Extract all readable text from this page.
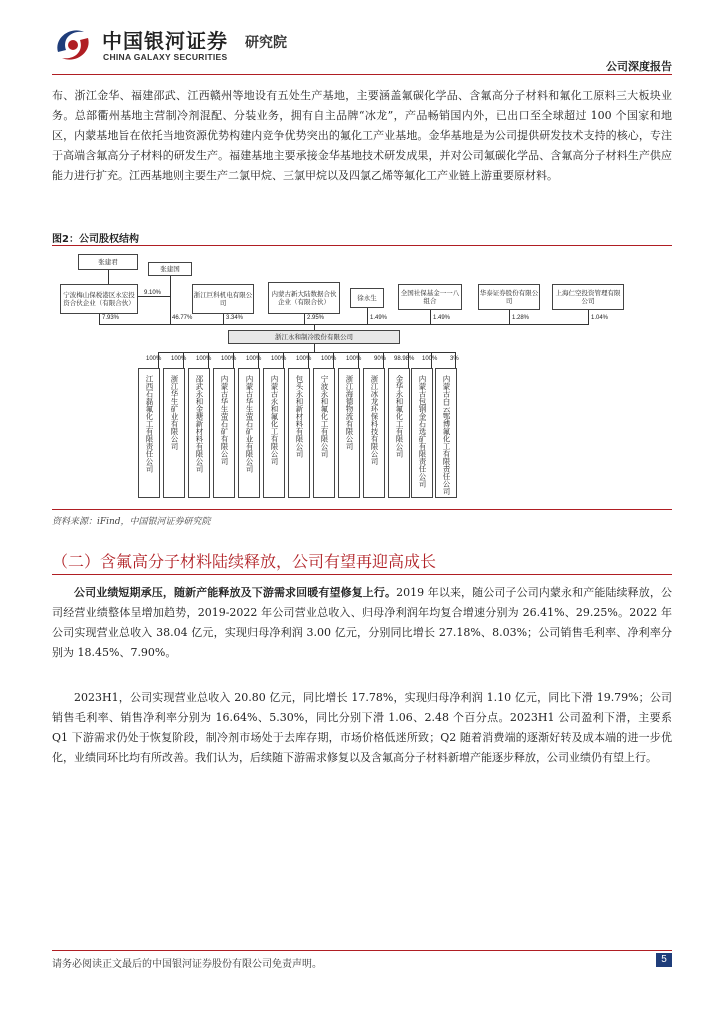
中国银河证券 研究院
CHINA GALAXY SECURITIES
公司深度报告

布、浙江金华、福建邵武、江西赣州等地设有五处生产基地，主要涵盖氟碳化学品、含氟高分子材料和氟化工原料三大板块业务。总部衢州基地主营制冷剂混配、分装业务，拥有自主品牌“冰龙”，产品畅销国内外，已出口至全球超过 100 个国家和地区，内蒙基地旨在依托当地资源优势构建内竞争优势突出的氟化工产业基地。金华基地是为公司提供研发技术支持的核心，专注于高端含氟高分子材料的研发生产。福建基地主要承接金华基地技术研发成果，并对公司氟碳化学品、含氟高分子材料生产供应能力进行扩充。江西基地则主要生产二氯甲烷、三氯甲烷以及四氯乙烯等氟化工产业链上游重要原材料。

图2：公司股权结构
张建君
张建国
9.10%
宁波梅山保税港区永宏投资合伙企业（有限合伙）
浙江巨科机电有限公司
内蒙古新大陆数据合伙企业（有限合伙）	徐永生
全国社保基金一一八组合
华泰证券股份有限公司
上海仁空投资管理有限公司
7.93%	46.77%	3.34%	2.95%	1.49%	1.49%	1.28%	1.04%
浙江永和制冷股份有限公司
100% 100% 100% 100% 100% 100% 100% 100% 100% 90% 98.98% 100% 3%
江西石磊氟化工有限责任公司	浙江华生矿业有限公司	邵武永和金塘新材料有限公司	内蒙古华生萤石矿有限公司	内蒙古华生萤石矿业有限公司	内蒙古永和氟化工有限公司	包头永和新材料有限公司	宁波永和氟化工有限公司	浙江海德物流有限公司	浙江冰龙环保科技有限公司	金华永和氟化工有限公司	内蒙古包钢金石选矿有限责任公司	内蒙古白云鄂博氟化工有限责任公司
资料来源：iFind，中国银河证券研究院
（二）含氟高分子材料陆续释放，公司有望再迎高成长
公司业绩短期承压，随新产能释放及下游需求回暖有望修复上行。2019 年以来，随公司子公司内蒙永和产能陆续释放，公司经营业绩整体呈增加趋势，2019-2022 年公司营业总收入、归母净利润年均复合增速分别为 26.41%、29.25%。2022 年公司实现营业总收入 38.04 亿元，实现归母净利润 3.00 亿元，分别同比增长 27.18%、8.03%；公司销售毛利率、净利率分别为 18.45%、7.90%。
2023H1，公司实现营业总收入 20.80 亿元，同比增长 17.78%，实现归母净利润 1.10 亿元，同比下滑 19.79%；公司销售毛利率、销售净利率分别为 16.64%、5.30%，同比分别下滑 1.06、2.48 个百分点。2023H1 公司盈利下滑，主要系 Q1 下游需求仍处于恢复阶段，制冷剂市场处于去库存期，市场价格低迷所致；Q2 随着消费端的逐渐好转及成本端的进一步优化，业绩同环比均有所改善。我们认为，后续随下游需求修复以及含氟高分子材料新增产能逐步释放，公司业绩仍有望上行。
请务必阅读正文最后的中国银河证券股份有限公司免责声明。	5
